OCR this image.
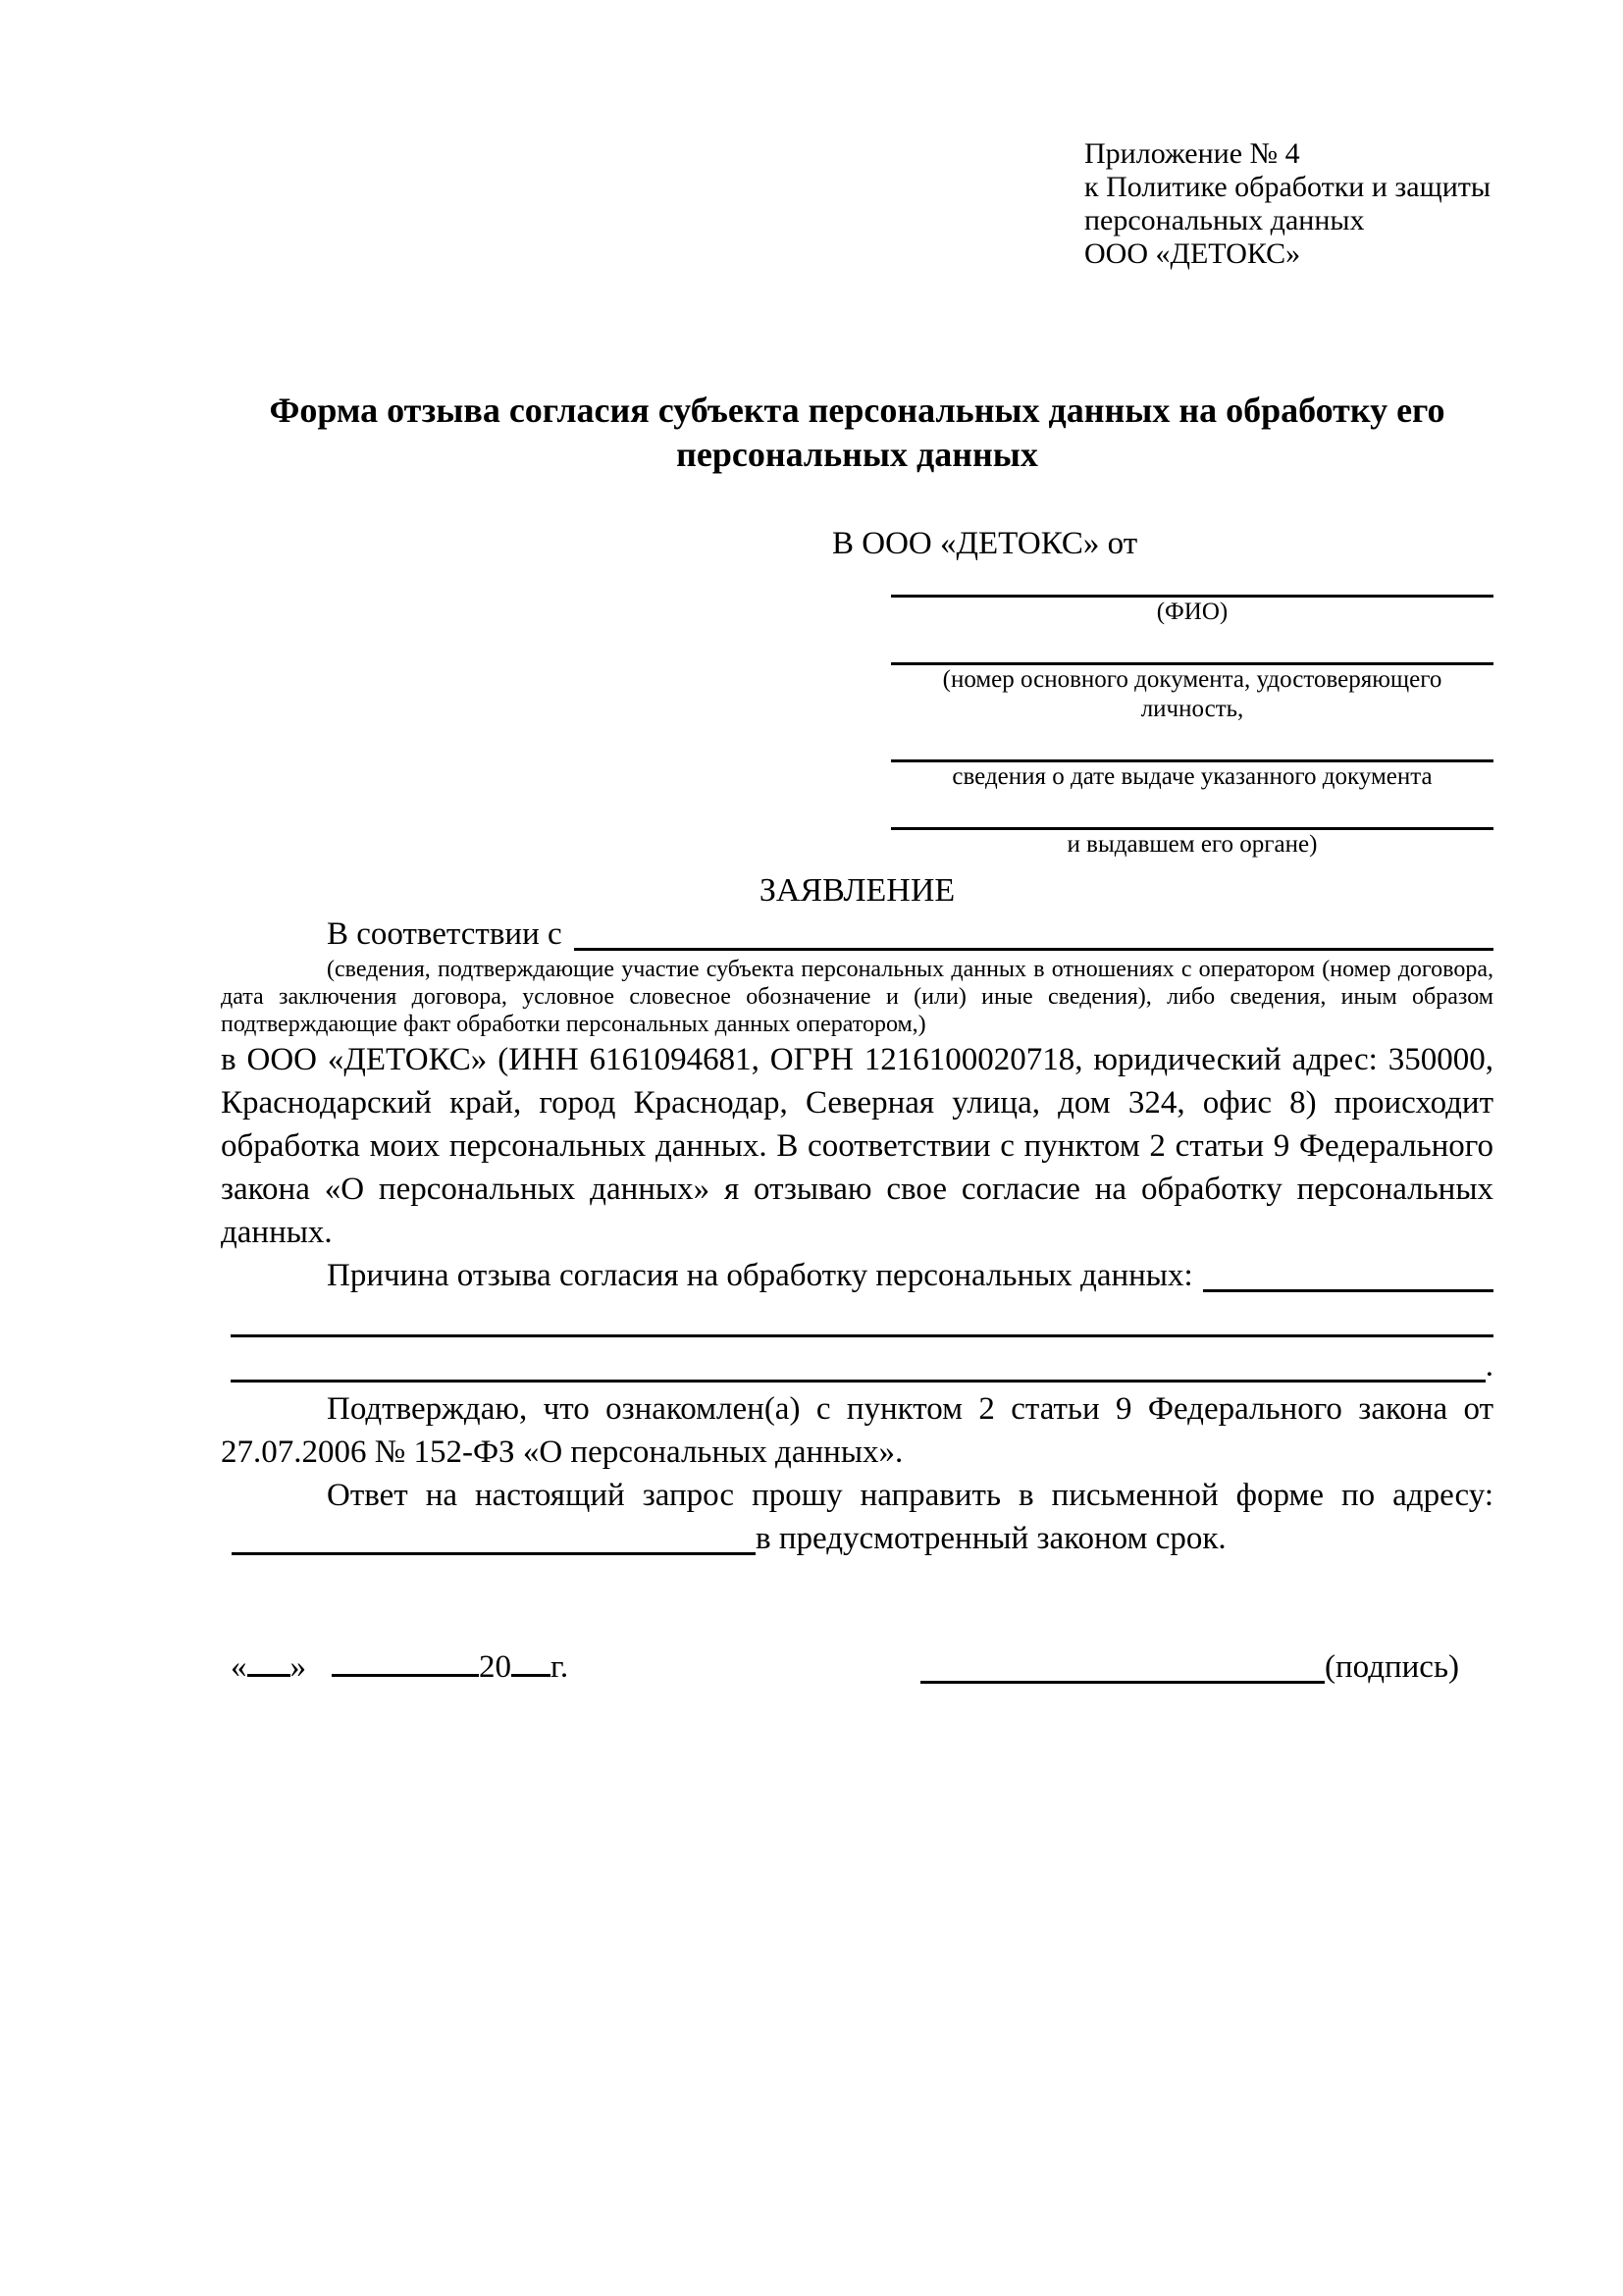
Приложение № 4
к Политике обработки и защиты
персональных данных
ООО «ДЕТОКС»
Форма отзыва согласия субъекта персональных данных на обработку его персональных данных
В ООО «ДЕТОКС» от
(ФИО)
(номер основного документа, удостоверяющего личность,
сведения о дате выдаче указанного документа
и выдавшем его органе)
ЗАЯВЛЕНИЕ
В соответствии с
(сведения, подтверждающие участие субъекта персональных данных в отношениях с оператором (номер договора, дата заключения договора, условное словесное обозначение и (или) иные сведения), либо сведения, иным образом подтверждающие факт обработки персональных данных оператором,)
в ООО «ДЕТОКС» (ИНН 6161094681, ОГРН 1216100020718, юридический адрес: 350000, Краснодарский край, город Краснодар, Северная улица, дом 324, офис 8) происходит обработка моих персональных данных. В соответствии с пунктом 2 статьи 9 Федерального закона «О персональных данных» я отзываю свое согласие на обработку персональных данных.
Причина отзыва согласия на обработку персональных данных:
.
Подтверждаю, что ознакомлен(а) с пунктом 2 статьи 9 Федерального закона от 27.07.2006 № 152-ФЗ «О персональных данных».
Ответ на настоящий запрос прошу направить в письменной форме по адресу:
в предусмотренный законом срок.
« »	20 г.	(подпись)
